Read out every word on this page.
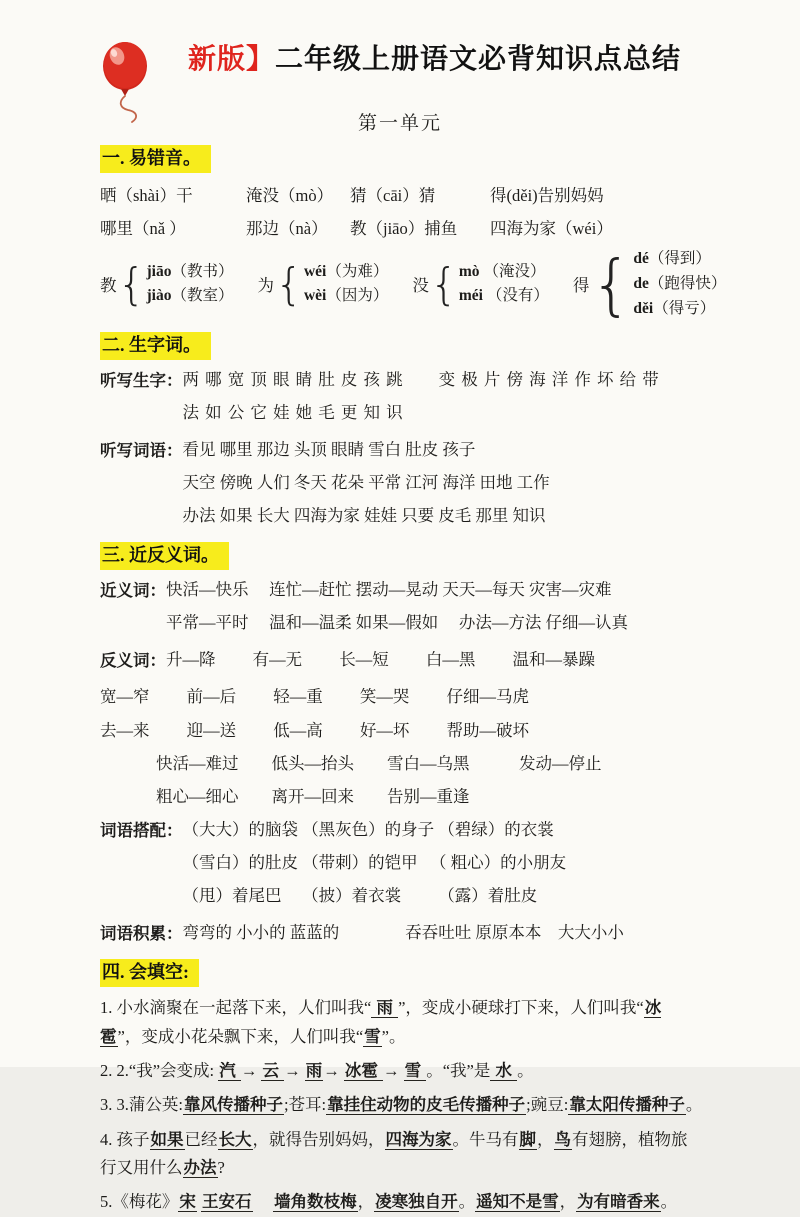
新版】二年级上册语文必背知识点总结
第一单元
一. 易错音。
晒（shài）干	淹没（mò）	猜（cāi）猜	得(děi)告别妈妈
哪里（nǎ ）	那边（nà）	教（jiāo）捕鱼	四海为家（wéi）
教 { jiāo（教书）
jiào（教室）
为 { wéi（为难）
wèi（因为）
没 { mò （淹没）
méi （没有）
得 { dé（得到）
de（跑得快）
děi（得亏）
二. 生字词。
听写生字： 两 哪 宽 顶 眼 睛 肚 皮 孩 跳　　变 极 片 傍 海 洋 作 坏 给 带

法 如 公 它 娃 她 毛 更 知 识

听写词语： 看见 哪里 那边 头顶 眼睛 雪白 肚皮 孩子

天空 傍晚 人们 冬天 花朵 平常 江河 海洋 田地 工作

办法 如果 长大 四海为家 娃娃 只要 皮毛 那里 知识

三. 近反义词。
近义词： 快活—快乐　 连忙—赶忙 摆动—晃动 天天—每天 灾害—灾难

平常—平时　 温和—温柔 如果—假如 　办法—方法 仔细—认真

反义词： 升—降　　 有—无　　 长—短　　 白—黑　　 温和—暴躁

宽—窄　　 前—后　　 轻—重　　 笑—哭　　 仔细—马虎

去—来　　 迎—送　　 低—高　　 好—坏　　 帮助—破坏

快活—难过　　低头—抬头　　雪白—乌黑　　　发动—停止

粗心—细心　　离开—回来　　告别—重逢

词语搭配： （大大）的脑袋 （黑灰色）的身子 （碧绿）的衣裳

（雪白）的肚皮 （带刺）的铠甲 　（ 粗心）的小朋友

（甩）着尾巴　 （披）着衣裳　　 （露）着肚皮

词语积累： 弯弯的 小小的 蓝蓝的　　　　吞吞吐吐 原原本本　大大小小

四. 会填空:

1. 小水滴聚在一起落下来，人们叫我“ 雨 ”，变成小硬球打下来，人们叫我“冰雹”，变成小花朵飘下来，人们叫我“雪”。

2. 2.“我”会变成: 汽 → 云 → 雨→ 冰雹 → 雪 。“我”是 水 。

3. 3.蒲公英:靠风传播种子;苍耳:靠挂住动物的皮毛传播种子;豌豆:靠太阳传播种子。

4. 孩子如果已经长大，就得告别妈妈，四海为家。牛马有脚，鸟有翅膀，植物旅行又用什么办法?

5.《梅花》宋 王安石　 墙角数枝梅，凌寒独自开。遥知不是雪，为有暗香来。
